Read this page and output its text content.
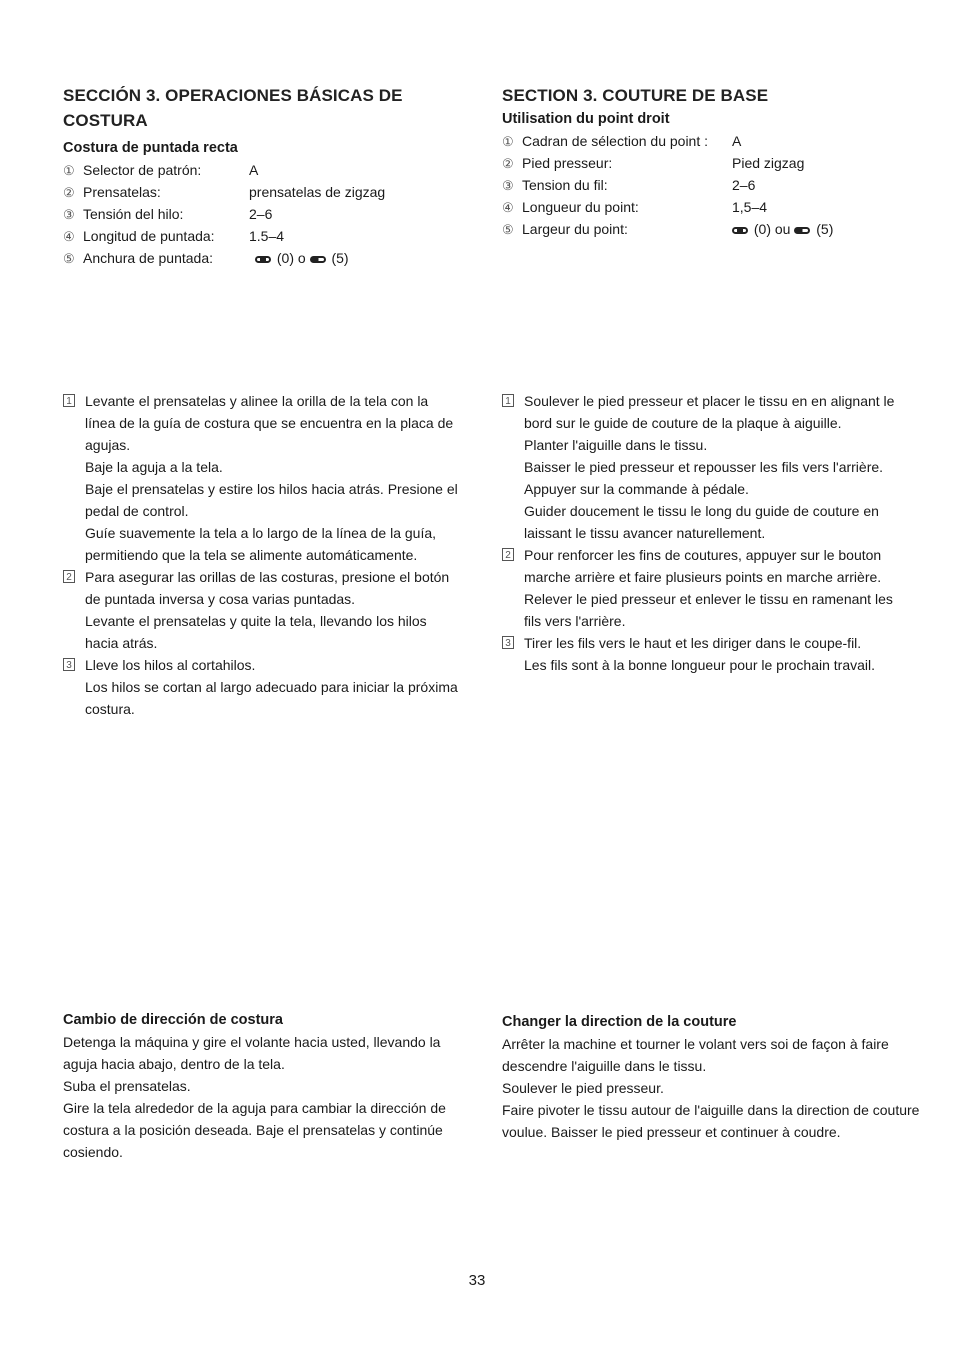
SECCIÓN 3. OPERACIONES BÁSICAS DE
COSTURA
Costura de puntada recta
① Selector de patrón:	A
② Prensatelas:	prensatelas de zigzag
③ Tensión del hilo:	2–6
④ Longitud de puntada: 1.5–4
⑤ Anchura de puntada:	(0) o (5)
1 Levante el prensatelas y alinee la orilla de la tela con la

línea de la guía de costura que se encuentra en la placa de

agujas.

Baje la aguja a la tela.

Baje el prensatelas y estire los hilos hacia atrás. Presione el

pedal de control.

Guíe suavemente la tela a lo largo de la línea de la guía,

permitiendo que la tela se alimente automáticamente.

2 Para asegurar las orillas de las costuras, presione el botón

de puntada inversa y cosa varias puntadas.

Levante el prensatelas y quite la tela, llevando los hilos

hacia atrás.

3 Lleve los hilos al cortahilos.

Los hilos se cortan al largo adecuado para iniciar la próxima

costura.

Cambio de dirección de costura

Detenga la máquina y gire el volante hacia usted, llevando la

aguja hacia abajo, dentro de la tela.

Suba el prensatelas.

Gire la tela alrededor de la aguja para cambiar la dirección de

costura a la posición deseada. Baje el prensatelas y continúe

cosiendo.

SECTION 3. COUTURE DE BASE
Utilisation du point droit
① Cadran de sélection du point : A
② Pied presseur:	Pied zigzag
③ Tension du fil:	2–6
④ Longueur du point:	1,5–4
⑤ Largeur du point:	(0) ou (5)
1 Soulever le pied presseur et placer le tissu en en alignant le

bord sur le guide de couture de la plaque à aiguille.

Planter l'aiguille dans le tissu.

Baisser le pied presseur et repousser les fils vers l'arrière.

Appuyer sur la commande à pédale.

Guider doucement le tissu le long du guide de couture en

laissant le tissu avancer naturellement.

2 Pour renforcer les fins de coutures, appuyer sur le bouton

marche arrière et faire plusieurs points en marche arrière.

Relever le pied presseur et enlever le tissu en ramenant les

fils vers l'arrière.

3 Tirer les fils vers le haut et les diriger dans le coupe-fil.

Les fils sont à la bonne longueur pour le prochain travail.

Changer la direction de la couture

Arrêter la machine et tourner le volant vers soi de façon à faire

descendre l'aiguille dans le tissu.

Soulever le pied presseur.

Faire pivoter le tissu autour de l'aiguille dans la direction de couture

voulue. Baisser le pied presseur et continuer à coudre.

33
